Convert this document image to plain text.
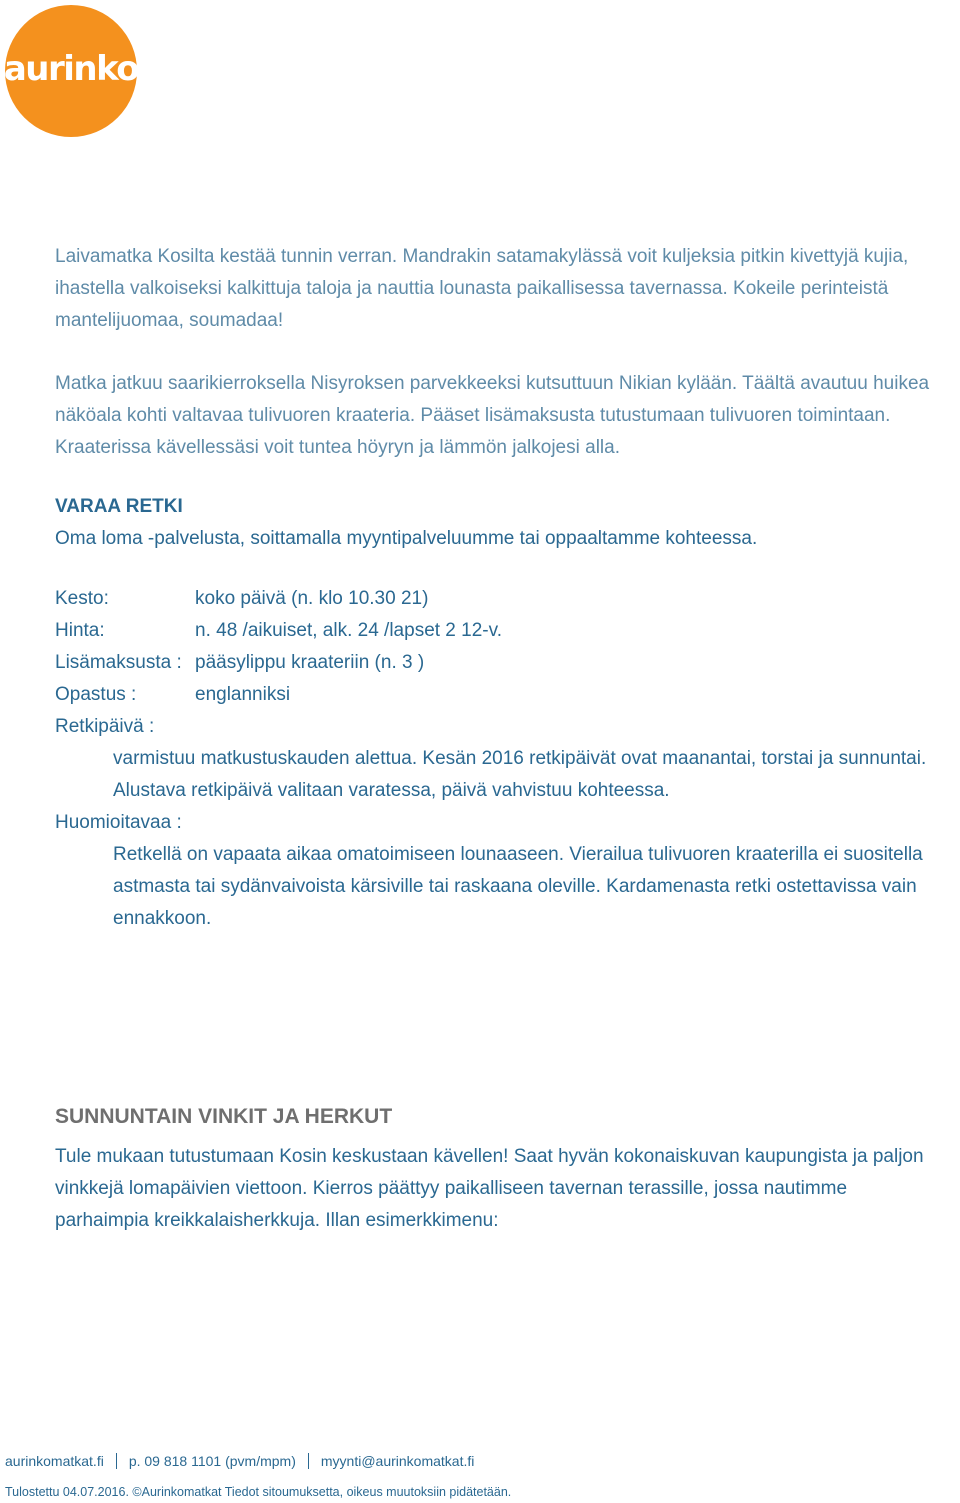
aurinko

Laivamatka Kosilta kestää tunnin verran. Mandrakin satamakylässä voit kuljeksia pitkin kivettyjä kujia, ihastella valkoiseksi kalkittuja taloja ja nauttia lounasta paikallisessa tavernassa. Kokeile perinteistä mantelijuomaa, soumadaa!

Matka jatkuu saarikierroksella Nisyroksen parvekkeeksi kutsuttuun Nikian kylään. Täältä avautuu huikea näköala kohti valtavaa tulivuoren kraateria. Pääset lisämaksusta tutustumaan tulivuoren toimintaan. Kraaterissa kävellessäsi voit tuntea höyryn ja lämmön jalkojesi alla.

VARAA RETKI

Oma loma -palvelusta, soittamalla myyntipalveluumme tai oppaaltamme kohteessa.

Kesto:	koko päivä (n. klo 10.30 21)
Hinta:	n. 48 /aikuiset, alk. 24 /lapset 2 12-v.
Lisämaksusta :	pääsylippu kraateriin (n. 3 )
Opastus :	englanniksi
Retkipäivä :	
varmistuu matkustuskauden alettua. Kesän 2016 retkipäivät ovat maanantai, torstai ja sunnuntai. Alustava retkipäivä valitaan varatessa, päivä vahvistuu kohteessa.	
Huomioitavaa :	
Retkellä on vapaata aikaa omatoimiseen lounaaseen. Vierailua tulivuoren kraaterilla ei suositella astmasta tai sydänvaivoista kärsiville tai raskaana oleville. Kardamenasta retki ostettavissa vain ennakkoon.	
SUNNUNTAIN VINKIT JA HERKUT

Tule mukaan tutustumaan Kosin keskustaan kävellen! Saat hyvän kokonaiskuvan kaupungista ja paljon vinkkejä lomapäivien viettoon. Kierros päättyy paikalliseen tavernan terassille, jossa nautimme parhaimpia kreikkalaisherkkuja. Illan esimerkkimenu:

aurinkomatkat.fi p. 09 818 1101 (pvm/mpm) myynti@aurinkomatkat.fi
Tulostettu 04.07.2016. ©Aurinkomatkat Tiedot sitoumuksetta, oikeus muutoksiin pidätetään.
